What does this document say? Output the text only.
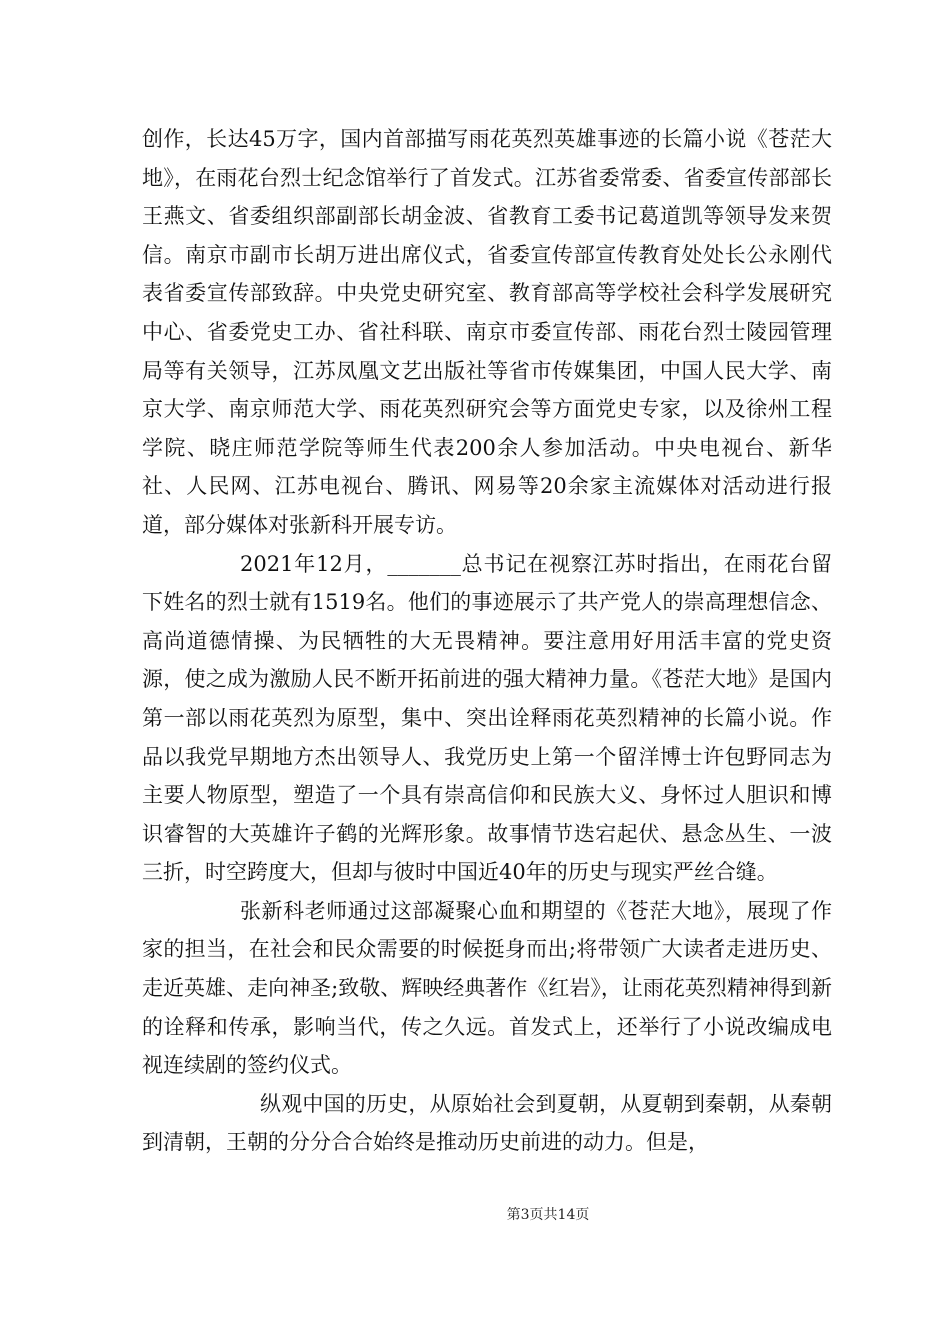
创作，长达45万字，国内首部描写雨花英烈英雄事迹的长篇小说《苍茫大地》，在雨花台烈士纪念馆举行了首发式。江苏省委常委、省委宣传部部长王燕文、省委组织部副部长胡金波、省教育工委书记葛道凯等领导发来贺信。南京市副市长胡万进出席仪式，省委宣传部宣传教育处处长公永刚代表省委宣传部致辞。中央党史研究室、教育部高等学校社会科学发展研究中心、省委党史工办、省社科联、南京市委宣传部、雨花台烈士陵园管理局等有关领导，江苏凤凰文艺出版社等省市传媒集团，中国人民大学、南京大学、南京师范大学、雨花英烈研究会等方面党史专家，以及徐州工程学院、晓庄师范学院等师生代表200余人参加活动。中央电视台、新华社、人民网、江苏电视台、腾讯、网易等20余家主流媒体对活动进行报道，部分媒体对张新科开展专访。

2021年12月，_______总书记在视察江苏时指出，在雨花台留下姓名的烈士就有1519名。他们的事迹展示了共产党人的崇高理想信念、高尚道德情操、为民牺牲的大无畏精神。要注意用好用活丰富的党史资源，使之成为激励人民不断开拓前进的强大精神力量。《苍茫大地》是国内第一部以雨花英烈为原型，集中、突出诠释雨花英烈精神的长篇小说。作品以我党早期地方杰出领导人、我党历史上第一个留洋博士许包野同志为主要人物原型，塑造了一个具有崇高信仰和民族大义、身怀过人胆识和博识睿智的大英雄许子鹤的光辉形象。故事情节迭宕起伏、悬念丛生、一波三折，时空跨度大，但却与彼时中国近40年的历史与现实严丝合缝。

张新科老师通过这部凝聚心血和期望的《苍茫大地》，展现了作家的担当，在社会和民众需要的时候挺身而出;将带领广大读者走进历史、走近英雄、走向神圣;致敬、辉映经典著作《红岩》，让雨花英烈精神得到新的诠释和传承，影响当代，传之久远。首发式上，还举行了小说改编成电视连续剧的签约仪式。

纵观中国的历史，从原始社会到夏朝，从夏朝到秦朝，从秦朝到清朝，王朝的分分合合始终是推动历史前进的动力。但是，

第3页共14页
